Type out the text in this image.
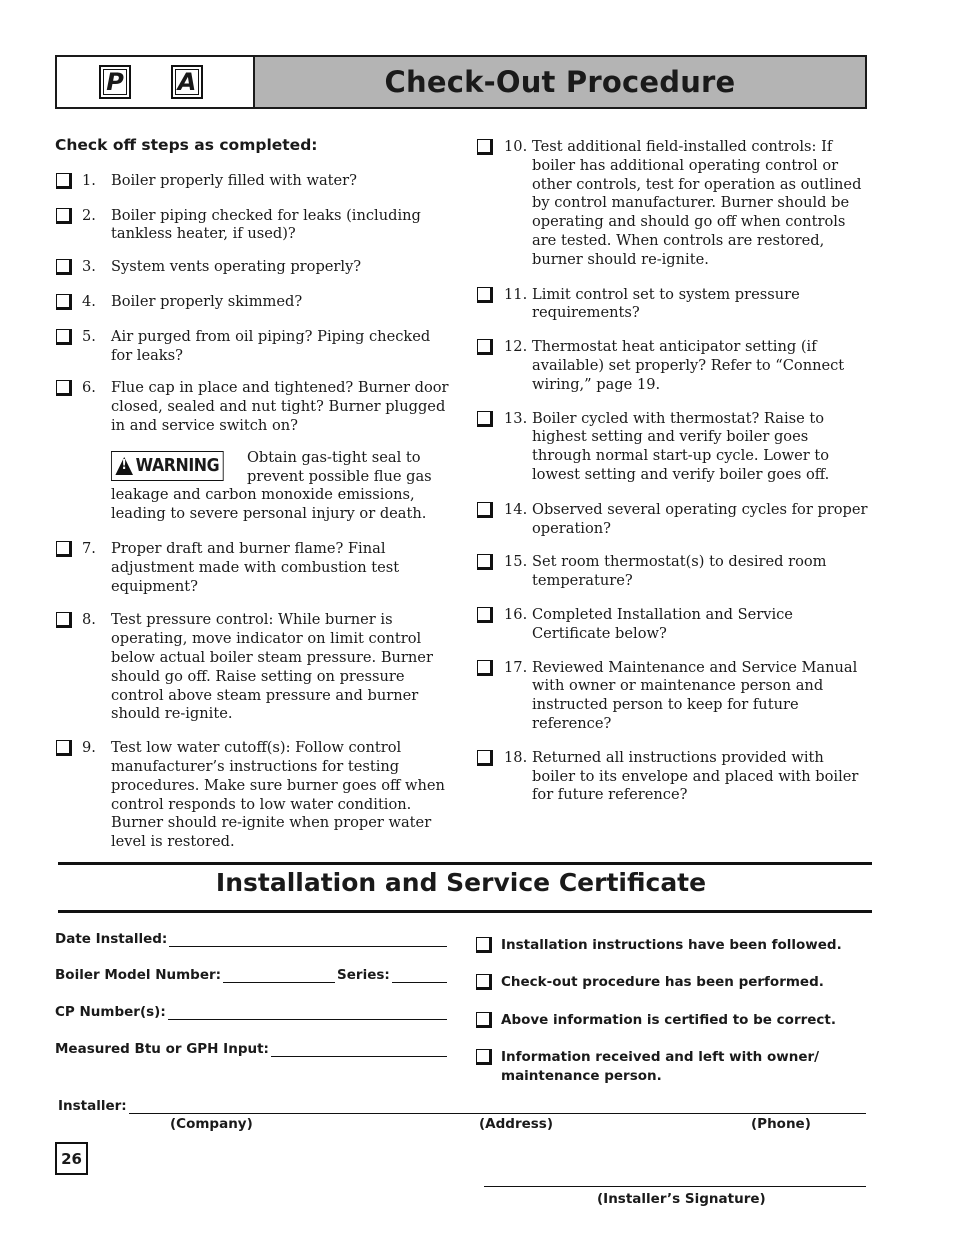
P	A	Check-Out Procedure

Check off steps as completed:

1. Boiler properly filled with water?
2. Boiler piping checked for leaks (including tankless heater, if used)?
3. System vents operating properly?
4. Boiler properly skimmed?
5. Air purged from oil piping? Piping checked for leaks?
6. Flue cap in place and tightened? Burner door closed, sealed and nut tight? Burner plugged in and service switch on?
!
WARNING Obtain gas-tight seal to prevent possible flue gas leakage and carbon monoxide emissions, leading to severe personal injury or death.
7. Proper draft and burner flame? Final adjustment made with combustion test equipment?
8. Test pressure control: While burner is operating, move indicator on limit control below actual boiler steam pressure. Burner should go off. Raise setting on pressure control above steam pressure and burner should re-ignite.
9. Test low water cutoff(s): Follow control manufacturer’s instructions for testing procedures. Make sure burner goes off when control responds to low water condition. Burner should re-ignite when proper water level is restored.
10. Test additional field-installed controls: If boiler has additional operating control or other controls, test for operation as outlined by control manufacturer. Burner should be operating and should go off when controls are tested. When controls are restored, burner should re-ignite.
11. Limit control set to system pressure requirements?
12. Thermostat heat anticipator setting (if available) set properly? Refer to “Connect wiring,” page 19.
13. Boiler cycled with thermostat? Raise to highest setting and verify boiler goes through normal start-up cycle. Lower to lowest setting and verify boiler goes off.
14. Observed several operating cycles for proper operation?
15. Set room thermostat(s) to desired room temperature?
16. Completed Installation and Service Certificate below?
17. Reviewed Maintenance and Service Manual with owner or maintenance person and instructed person to keep for future reference?
18. Returned all instructions provided with boiler to its envelope and placed with boiler for future reference?
Installation and Service Certificate
Date Installed:
Boiler Model Number:	Series:
CP Number(s):
Measured Btu or GPH Input:
Installation instructions have been followed.
Check-out procedure has been performed.
Above information is certified to be correct.
Information received and left with owner/ maintenance person.
Installer:
(Company)	(Address)	(Phone)
(Installer’s Signature)
26
